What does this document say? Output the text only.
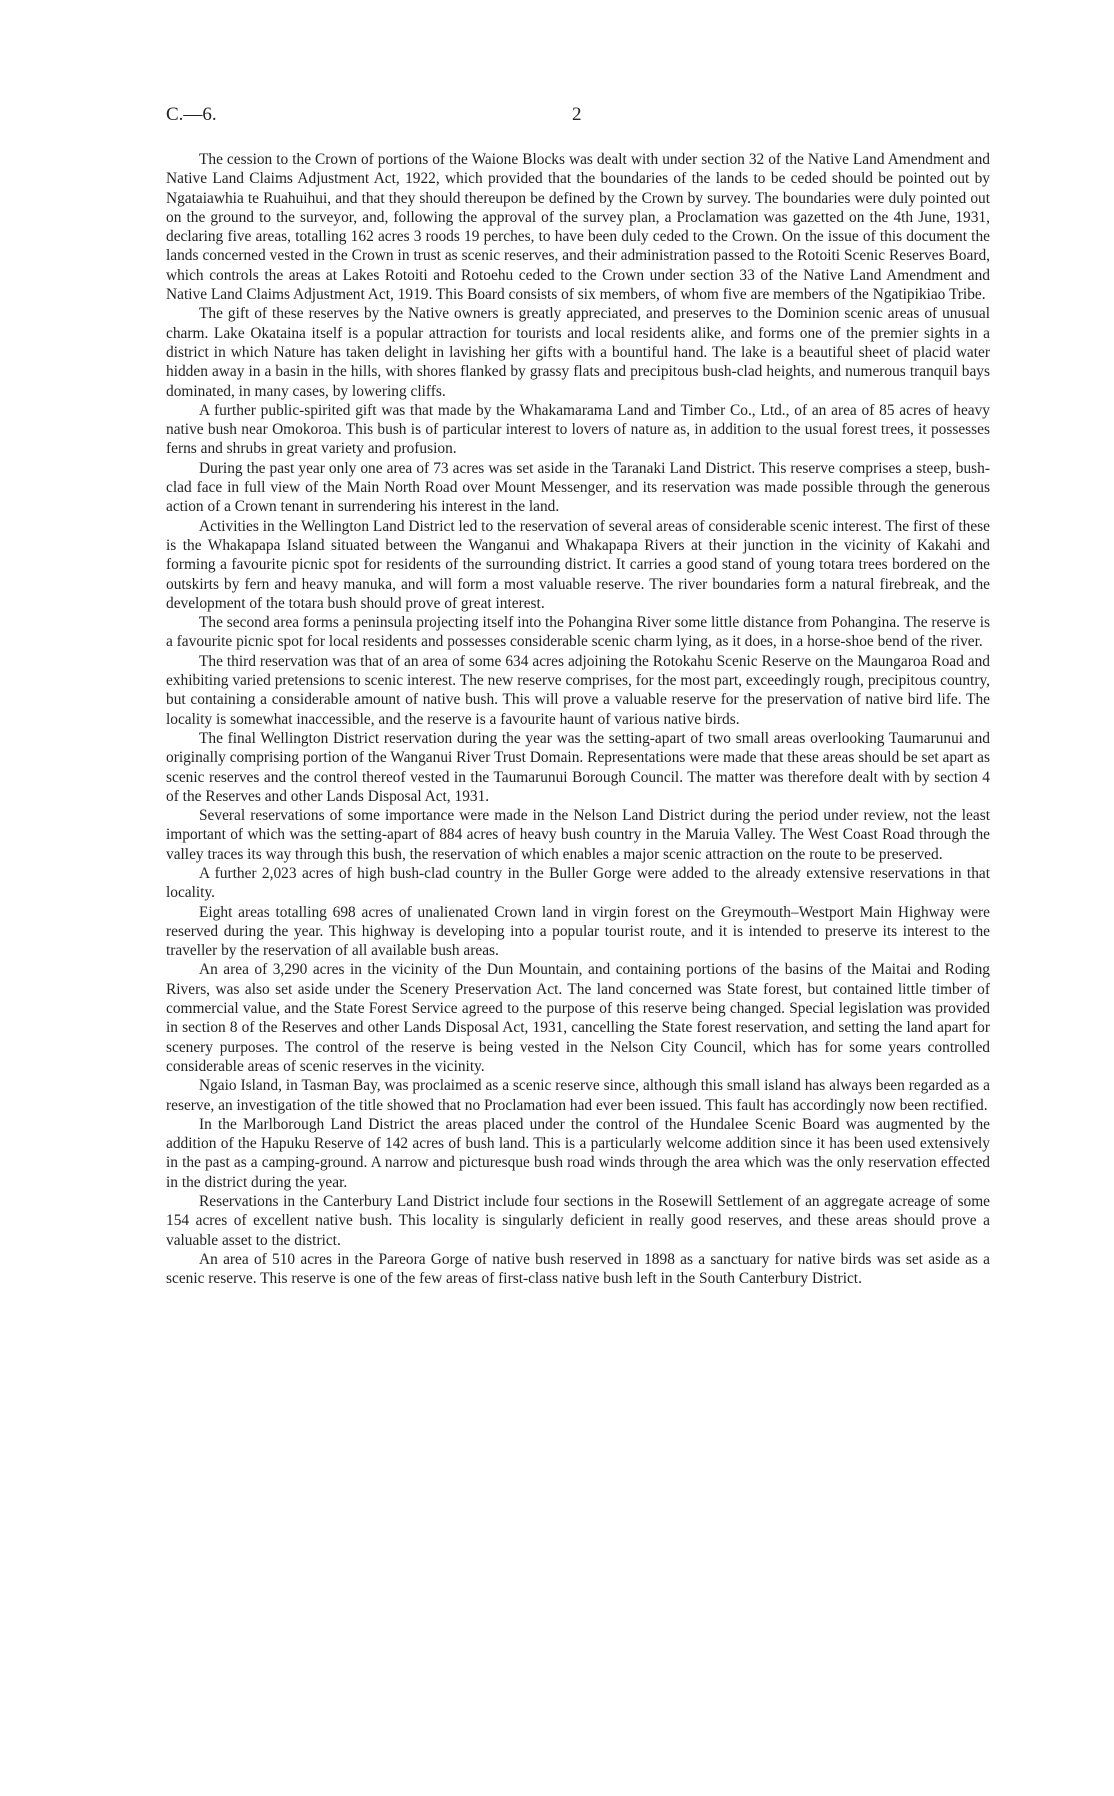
C.—6.	2

The cession to the Crown of portions of the Waione Blocks was dealt with under section 32 of the Native Land Amendment and Native Land Claims Adjustment Act, 1922, which provided that the boundaries of the lands to be ceded should be pointed out by Ngataiawhia te Ruahuihui, and that they should thereupon be defined by the Crown by survey. The boundaries were duly pointed out on the ground to the surveyor, and, following the approval of the survey plan, a Proclamation was gazetted on the 4th June, 1931, declaring five areas, totalling 162 acres 3 roods 19 perches, to have been duly ceded to the Crown. On the issue of this document the lands concerned vested in the Crown in trust as scenic reserves, and their administration passed to the Rotoiti Scenic Reserves Board, which controls the areas at Lakes Rotoiti and Rotoehu ceded to the Crown under section 33 of the Native Land Amendment and Native Land Claims Adjustment Act, 1919. This Board consists of six members, of whom five are members of the Ngatipikiao Tribe.

The gift of these reserves by the Native owners is greatly appreciated, and preserves to the Dominion scenic areas of unusual charm. Lake Okataina itself is a popular attraction for tourists and local residents alike, and forms one of the premier sights in a district in which Nature has taken delight in lavishing her gifts with a bountiful hand. The lake is a beautiful sheet of placid water hidden away in a basin in the hills, with shores flanked by grassy flats and precipitous bush-clad heights, and numerous tranquil bays dominated, in many cases, by lowering cliffs.

A further public-spirited gift was that made by the Whakamarama Land and Timber Co., Ltd., of an area of 85 acres of heavy native bush near Omokoroa. This bush is of particular interest to lovers of nature as, in addition to the usual forest trees, it possesses ferns and shrubs in great variety and profusion.

During the past year only one area of 73 acres was set aside in the Taranaki Land District. This reserve comprises a steep, bush-clad face in full view of the Main North Road over Mount Messenger, and its reservation was made possible through the generous action of a Crown tenant in surrendering his interest in the land.

Activities in the Wellington Land District led to the reservation of several areas of considerable scenic interest. The first of these is the Whakapapa Island situated between the Wanganui and Whakapapa Rivers at their junction in the vicinity of Kakahi and forming a favourite picnic spot for residents of the surrounding district. It carries a good stand of young totara trees bordered on the outskirts by fern and heavy manuka, and will form a most valuable reserve. The river boundaries form a natural firebreak, and the development of the totara bush should prove of great interest.

The second area forms a peninsula projecting itself into the Pohangina River some little distance from Pohangina. The reserve is a favourite picnic spot for local residents and possesses considerable scenic charm lying, as it does, in a horse-shoe bend of the river.

The third reservation was that of an area of some 634 acres adjoining the Rotokahu Scenic Reserve on the Maungaroa Road and exhibiting varied pretensions to scenic interest. The new reserve comprises, for the most part, exceedingly rough, precipitous country, but containing a considerable amount of native bush. This will prove a valuable reserve for the preservation of native bird life. The locality is somewhat inaccessible, and the reserve is a favourite haunt of various native birds.

The final Wellington District reservation during the year was the setting-apart of two small areas overlooking Taumarunui and originally comprising portion of the Wanganui River Trust Domain. Representations were made that these areas should be set apart as scenic reserves and the control thereof vested in the Taumarunui Borough Council. The matter was therefore dealt with by section 4 of the Reserves and other Lands Disposal Act, 1931.

Several reservations of some importance were made in the Nelson Land District during the period under review, not the least important of which was the setting-apart of 884 acres of heavy bush country in the Maruia Valley. The West Coast Road through the valley traces its way through this bush, the reservation of which enables a major scenic attraction on the route to be preserved.

A further 2,023 acres of high bush-clad country in the Buller Gorge were added to the already extensive reservations in that locality.

Eight areas totalling 698 acres of unalienated Crown land in virgin forest on the Greymouth–Westport Main Highway were reserved during the year. This highway is developing into a popular tourist route, and it is intended to preserve its interest to the traveller by the reservation of all available bush areas.

An area of 3,290 acres in the vicinity of the Dun Mountain, and containing portions of the basins of the Maitai and Roding Rivers, was also set aside under the Scenery Preservation Act. The land concerned was State forest, but contained little timber of commercial value, and the State Forest Service agreed to the purpose of this reserve being changed. Special legislation was provided in section 8 of the Reserves and other Lands Disposal Act, 1931, cancelling the State forest reservation, and setting the land apart for scenery purposes. The control of the reserve is being vested in the Nelson City Council, which has for some years controlled considerable areas of scenic reserves in the vicinity.

Ngaio Island, in Tasman Bay, was proclaimed as a scenic reserve since, although this small island has always been regarded as a reserve, an investigation of the title showed that no Proclamation had ever been issued. This fault has accordingly now been rectified.

In the Marlborough Land District the areas placed under the control of the Hundalee Scenic Board was augmented by the addition of the Hapuku Reserve of 142 acres of bush land. This is a particularly welcome addition since it has been used extensively in the past as a camping-ground. A narrow and picturesque bush road winds through the area which was the only reservation effected in the district during the year.

Reservations in the Canterbury Land District include four sections in the Rosewill Settlement of an aggregate acreage of some 154 acres of excellent native bush. This locality is singularly deficient in really good reserves, and these areas should prove a valuable asset to the district.

An area of 510 acres in the Pareora Gorge of native bush reserved in 1898 as a sanctuary for native birds was set aside as a scenic reserve. This reserve is one of the few areas of first-class native bush left in the South Canterbury District.
